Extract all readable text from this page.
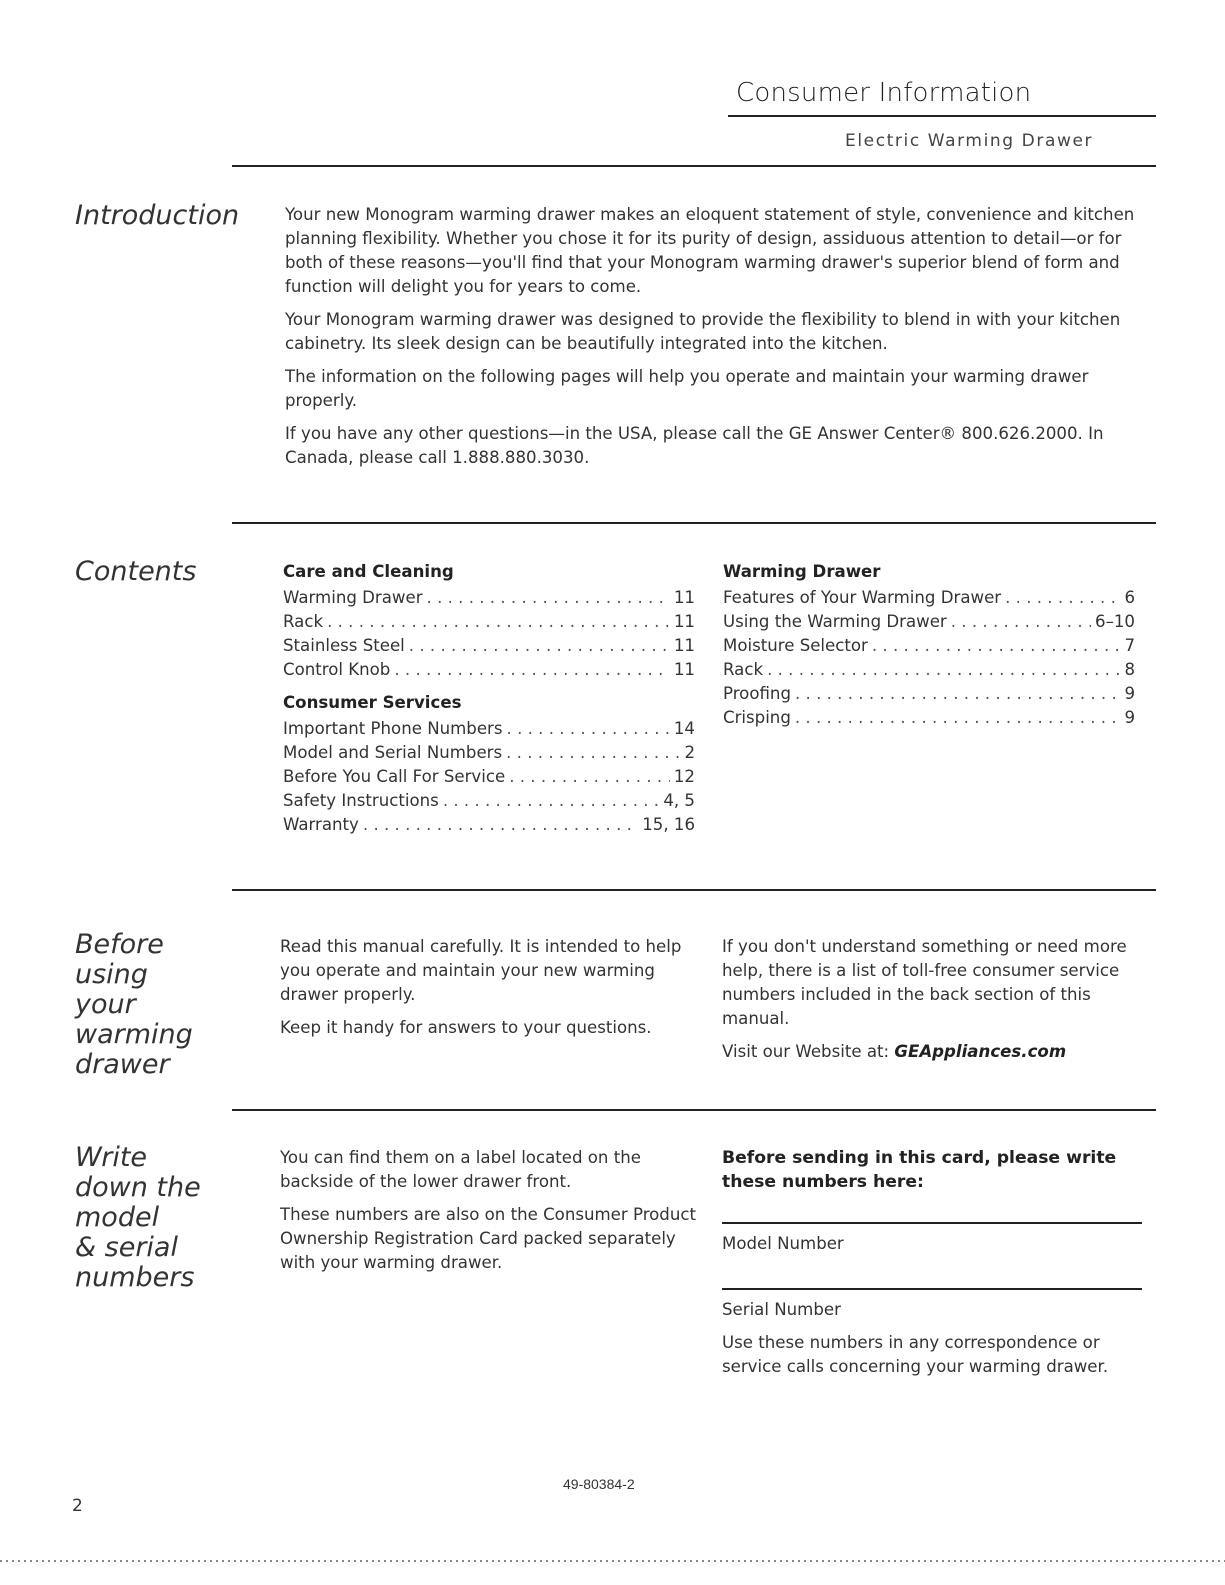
Consumer Information
Electric Warming Drawer
Introduction	Your new Monogram warming drawer makes an eloquent statement of style, convenience and kitchen planning flexibility. Whether you chose it for its purity of design, assiduous attention to detail—or for both of these reasons—you'll find that your Monogram warming drawer's superior blend of form and function will delight you for years to come.

Your Monogram warming drawer was designed to provide the flexibility to blend in with your kitchen cabinetry. Its sleek design can be beautifully integrated into the kitchen.

The information on the following pages will help you operate and maintain your warming drawer properly.

If you have any other questions—in the USA, please call the GE Answer Center® 800.626.2000. In Canada, please call 1.888.880.3030.

Contents	Care and Cleaning
Warming Drawer . . .	11
Rack . . .	11
Stainless Steel . . .	11
Control Knob . . .	11
Consumer Services
Important Phone Numbers . . .	14
Model and Serial Numbers . . .	2
Before You Call For Service . . .	12
Safety Instructions . . .	4, 5
Warranty . . .	15, 16
Warming Drawer
Features of Your Warming Drawer . . .	6
Using the Warming Drawer . . .	6–10
Moisture Selector . . .	7
Rack . . .	8
Proofing . . .	9
Crisping . . .	9
Before
using
your
warming
drawer

Read this manual carefully. It is intended to help you operate and maintain your new warming drawer properly.

Keep it handy for answers to your questions.

If you don't understand something or need more help, there is a list of toll-free consumer service numbers included in the back section of this manual.

Visit our Website at: GEAppliances.com

Write
down the
model
& serial
numbers

You can find them on a label located on the backside of the lower drawer front.

These numbers are also on the Consumer Product Ownership Registration Card packed separately with your warming drawer.

Before sending in this card, please write these numbers here:
Model Number
Serial Number

Use these numbers in any correspondence or service calls concerning your warming drawer.

49-80384-2
2
